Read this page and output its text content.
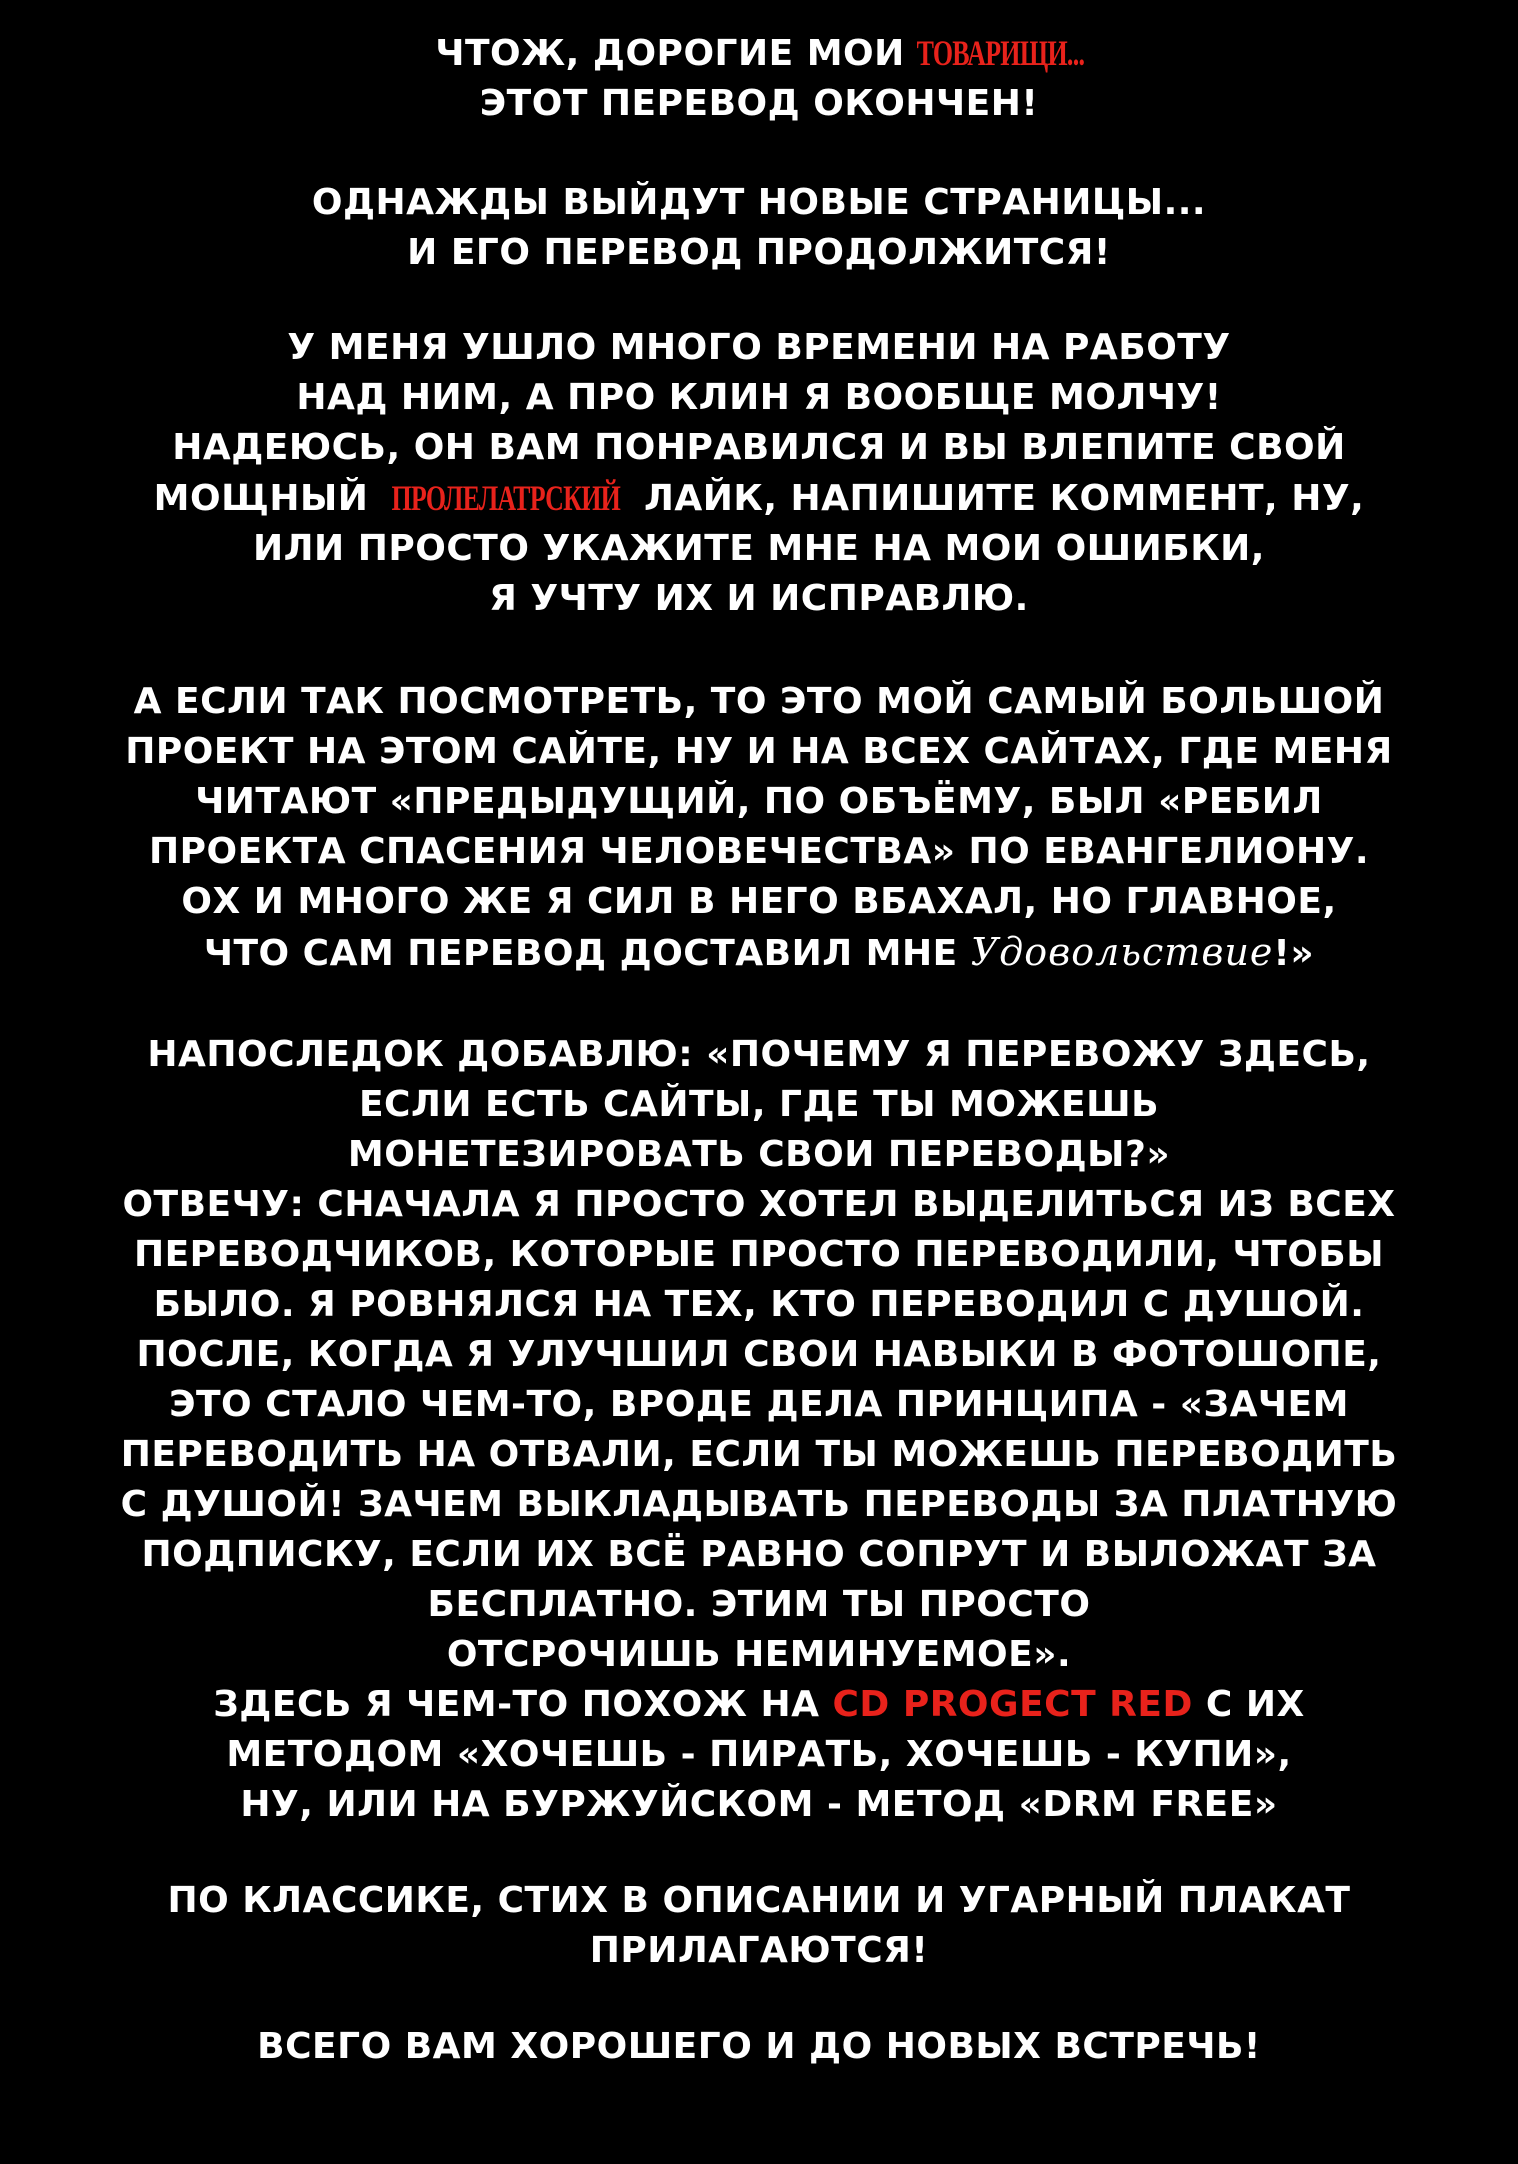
ЧТОЖ, ДОРОГИЕ МОИ ТОВАРИЩИ...
ЭТОТ ПЕРЕВОД ОКОНЧЕН!
ОДНАЖДЫ ВЫЙДУТ НОВЫЕ СТРАНИЦЫ...
И ЕГО ПЕРЕВОД ПРОДОЛЖИТСЯ!
У МЕНЯ УШЛО МНОГО ВРЕМЕНИ НА РАБОТУ
НАД НИМ, А ПРО КЛИН Я ВООБЩЕ МОЛЧУ!
НАДЕЮСЬ, ОН ВАМ ПОНРАВИЛСЯ И ВЫ ВЛЕПИТЕ СВОЙ
МОЩНЫЙ ПРОЛЕЛАТРСКИЙ ЛАЙК, НАПИШИТЕ КОММЕНТ, НУ,
ИЛИ ПРОСТО УКАЖИТЕ МНЕ НА МОИ ОШИБКИ,
Я УЧТУ ИХ И ИСПРАВЛЮ.
А ЕСЛИ ТАК ПОСМОТРЕТЬ, ТО ЭТО МОЙ САМЫЙ БОЛЬШОЙ
ПРОЕКТ НА ЭТОМ САЙТЕ, НУ И НА ВСЕХ САЙТАХ, ГДЕ МЕНЯ
ЧИТАЮТ «ПРЕДЫДУЩИЙ, ПО ОБЪЁМУ, БЫЛ «РЕБИЛ
ПРОЕКТА СПАСЕНИЯ ЧЕЛОВЕЧЕСТВА» ПО ЕВАНГЕЛИОНУ.
ОХ И МНОГО ЖЕ Я СИЛ В НЕГО ВБАХАЛ, НО ГЛАВНОЕ,
ЧТО САМ ПЕРЕВОД ДОСТАВИЛ МНЕ Удовольствие!»
НАПОСЛЕДОК ДОБАВЛЮ: «ПОЧЕМУ Я ПЕРЕВОЖУ ЗДЕСЬ,
ЕСЛИ ЕСТЬ САЙТЫ, ГДЕ ТЫ МОЖЕШЬ
МОНЕТЕЗИРОВАТЬ СВОИ ПЕРЕВОДЫ?»
ОТВЕЧУ: СНАЧАЛА Я ПРОСТО ХОТЕЛ ВЫДЕЛИТЬСЯ ИЗ ВСЕХ
ПЕРЕВОДЧИКОВ, КОТОРЫЕ ПРОСТО ПЕРЕВОДИЛИ, ЧТОБЫ
БЫЛО. Я РОВНЯЛСЯ НА ТЕХ, КТО ПЕРЕВОДИЛ С ДУШОЙ.
ПОСЛЕ, КОГДА Я УЛУЧШИЛ СВОИ НАВЫКИ В ФОТОШОПЕ,
ЭТО СТАЛО ЧЕМ-ТО, ВРОДЕ ДЕЛА ПРИНЦИПА - «ЗАЧЕМ
ПЕРЕВОДИТЬ НА ОТВАЛИ, ЕСЛИ ТЫ МОЖЕШЬ ПЕРЕВОДИТЬ
С ДУШОЙ! ЗАЧЕМ ВЫКЛАДЫВАТЬ ПЕРЕВОДЫ ЗА ПЛАТНУЮ
ПОДПИСКУ, ЕСЛИ ИХ ВСЁ РАВНО СОПРУТ И ВЫЛОЖАТ ЗА
БЕСПЛАТНО. ЭТИМ ТЫ ПРОСТО
ОТСРОЧИШЬ НЕМИНУЕМОЕ».
ЗДЕСЬ Я ЧЕМ-ТО ПОХОЖ НА CD PROGECT RED С ИХ
МЕТОДОМ «ХОЧЕШЬ - ПИРАТЬ, ХОЧЕШЬ - КУПИ»,
НУ, ИЛИ НА БУРЖУЙСКОМ - МЕТОД «DRM FREE»
ПО КЛАССИКЕ, СТИХ В ОПИСАНИИ И УГАРНЫЙ ПЛАКАТ
ПРИЛАГАЮТСЯ!
ВСЕГО ВАМ ХОРОШЕГО И ДО НОВЫХ ВСТРЕЧЬ!
